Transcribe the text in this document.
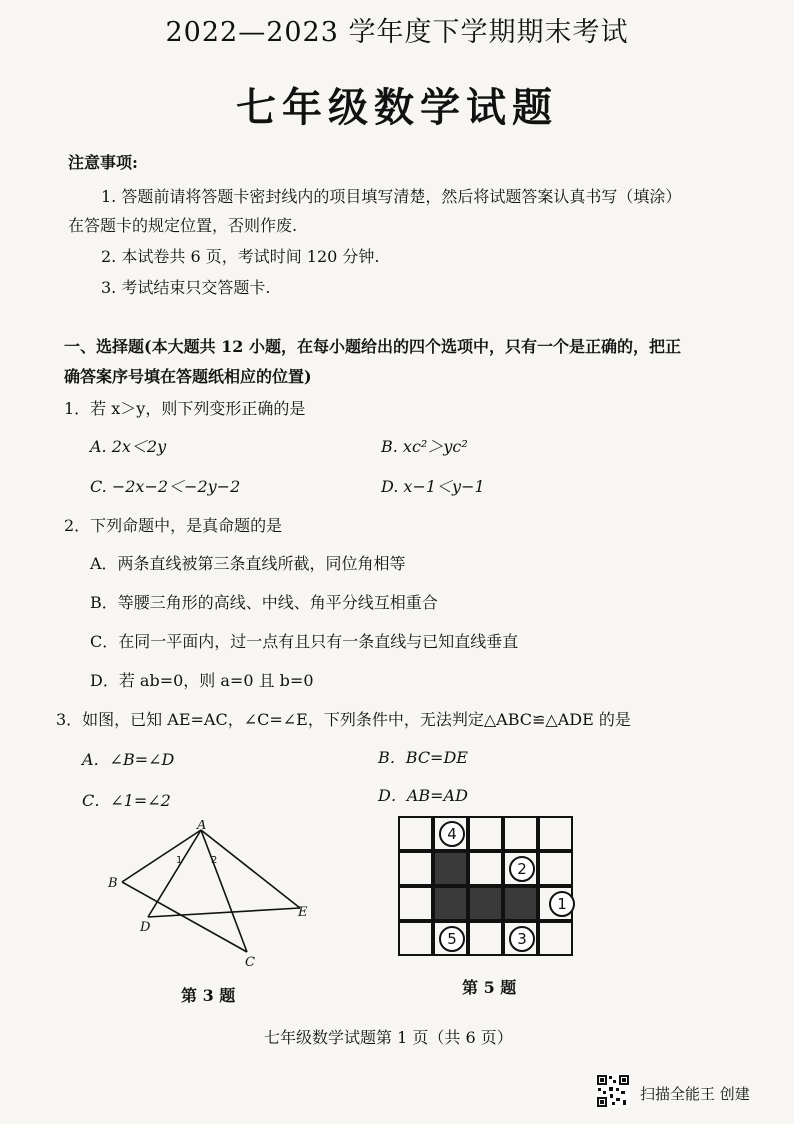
2022—2023 学年度下学期期末考试
七年级数学试题
注意事项:
1. 答题前请将答题卡密封线内的项目填写清楚，然后将试题答案认真书写（填涂）
在答题卡的规定位置，否则作废.
2. 本试卷共 6 页，考试时间 120 分钟.
3. 考试结束只交答题卡.
一、选择题(本大题共 12 小题，在每小题给出的四个选项中，只有一个是正确的，把正
确答案序号填在答题纸相应的位置)
1．若 x＞y，则下列变形正确的是
A. 2x＜2y	B. xc²＞yc²
C. −2x−2＜−2y−2	D. x−1＜y−1
2．下列命题中，是真命题的是
A．两条直线被第三条直线所截，同位角相等
B．等腰三角形的高线、中线、角平分线互相重合
C．在同一平面内，过一点有且只有一条直线与已知直线垂直
D．若 ab=0，则 a=0 且 b=0
3．如图，已知 AE=AC，∠C=∠E，下列条件中，无法判定△ABC≌△ADE 的是
A．∠B=∠D	B．BC=DE
C．∠1=∠2	D．AB=AD
A
B
D
C
E
1	2
第 3 题
4
2
1
5	3
第 5 题
七年级数学试题第 1 页（共 6 页）
扫描全能王 创建
